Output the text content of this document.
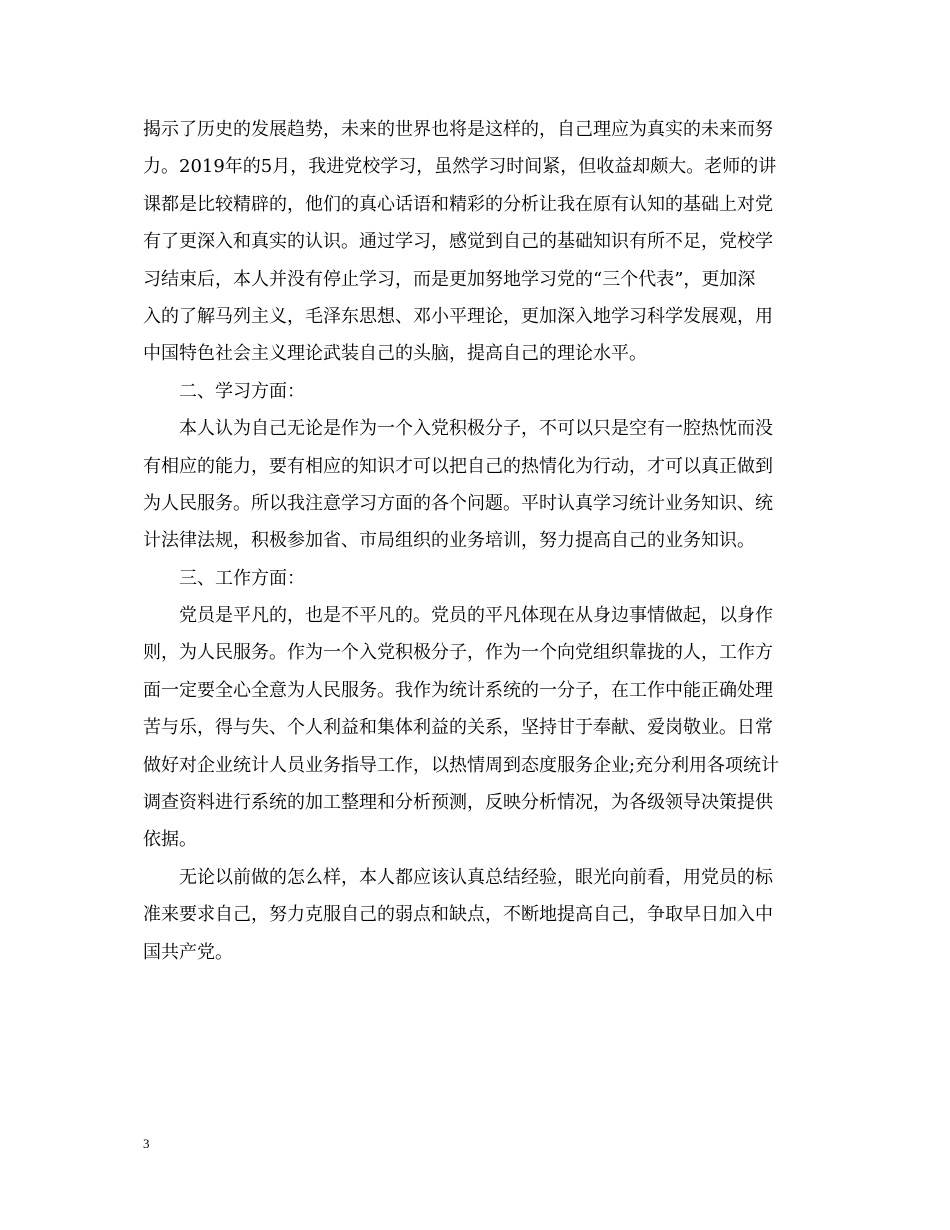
揭示了历史的发展趋势，未来的世界也将是这样的，自己理应为真实的未来而努
力。2019年的5月，我进党校学习，虽然学习时间紧，但收益却颇大。老师的讲
课都是比较精辟的，他们的真心话语和精彩的分析让我在原有认知的基础上对党
有了更深入和真实的认识。通过学习，感觉到自己的基础知识有所不足，党校学
习结束后，本人并没有停止学习，而是更加努地学习党的“三个代表”，更加深
入的了解马列主义，毛泽东思想、邓小平理论，更加深入地学习科学发展观，用
中国特色社会主义理论武装自己的头脑，提高自己的理论水平。
二、学习方面：
本人认为自己无论是作为一个入党积极分子，不可以只是空有一腔热忱而没
有相应的能力，要有相应的知识才可以把自己的热情化为行动，才可以真正做到
为人民服务。所以我注意学习方面的各个问题。平时认真学习统计业务知识、统
计法律法规，积极参加省、市局组织的业务培训，努力提高自己的业务知识。
三、工作方面：
党员是平凡的，也是不平凡的。党员的平凡体现在从身边事情做起，以身作
则，为人民服务。作为一个入党积极分子，作为一个向党组织靠拢的人，工作方
面一定要全心全意为人民服务。我作为统计系统的一分子，在工作中能正确处理
苦与乐，得与失、个人利益和集体利益的关系，坚持甘于奉献、爱岗敬业。日常
做好对企业统计人员业务指导工作，以热情周到态度服务企业;充分利用各项统计
调查资料进行系统的加工整理和分析预测，反映分析情况，为各级领导决策提供
依据。
无论以前做的怎么样，本人都应该认真总结经验，眼光向前看，用党员的标
准来要求自己，努力克服自己的弱点和缺点，不断地提高自己，争取早日加入中
国共产党。
3
